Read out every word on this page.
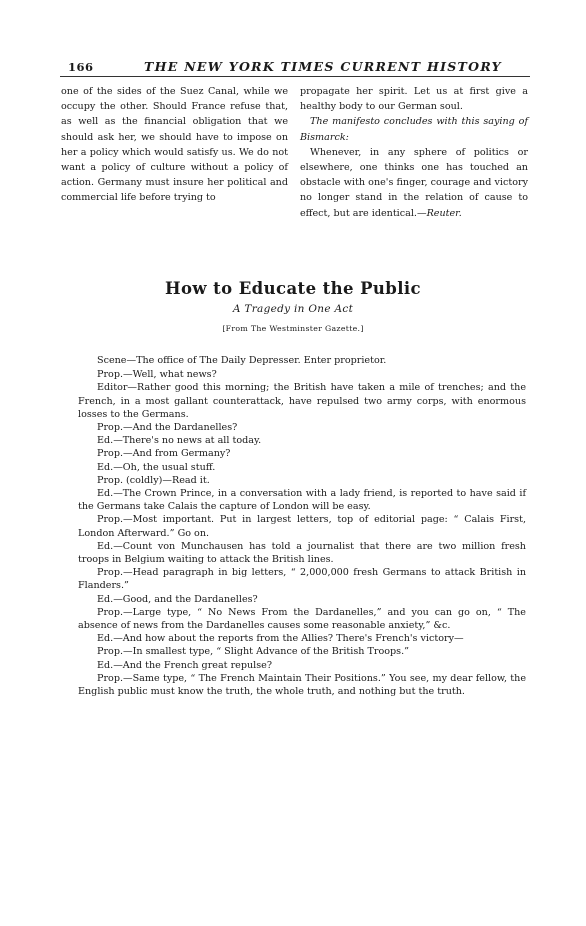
166	THE NEW YORK TIMES CURRENT HISTORY

one of the sides of the Suez Canal, while we occupy the other. Should France refuse that, as well as the financial obligation that we should ask her, we should have to impose on her a policy which would satisfy us. We do not want a policy of culture without a policy of action. Germany must insure her political and commercial life before trying to

propagate her spirit. Let us at first give a healthy body to our German soul.

The manifesto concludes with this saying of Bismarck:

Whenever, in any sphere of politics or elsewhere, one thinks one has touched an obstacle with one's finger, courage and victory no longer stand in the relation of cause to effect, but are identical.—Reuter.

How to Educate the Public
A Tragedy in One Act
[From The Westminster Gazette.]

Scene—The office of The Daily Depresser. Enter proprietor.

Prop.—Well, what news?

Editor—Rather good this morning; the British have taken a mile of trenches; and the French, in a most gallant counterattack, have repulsed two army corps, with enormous losses to the Germans.

Prop.—And the Dardanelles?

Ed.—There's no news at all today.

Prop.—And from Germany?

Ed.—Oh, the usual stuff.

Prop. (coldly)—Read it.

Ed.—The Crown Prince, in a conversation with a lady friend, is reported to have said if the Germans take Calais the capture of London will be easy.

Prop.—Most important. Put in largest letters, top of editorial page: “ Calais First, London Afterward.” Go on.

Ed.—Count von Munchausen has told a journalist that there are two million fresh troops in Belgium waiting to attack the British lines.

Prop.—Head paragraph in big letters, “ 2,000,000 fresh Germans to attack British in Flanders.”

Ed.—Good, and the Dardanelles?

Prop.—Large type, “ No News From the Dardanelles,” and you can go on, “ The absence of news from the Dardanelles causes some reasonable anxiety,” &c.

Ed.—And how about the reports from the Allies? There's French's victory—

Prop.—In smallest type, “ Slight Advance of the British Troops.”

Ed.—And the French great repulse?

Prop.—Same type, “ The French Maintain Their Positions.” You see, my dear fellow, the English public must know the truth, the whole truth, and nothing but the truth.
